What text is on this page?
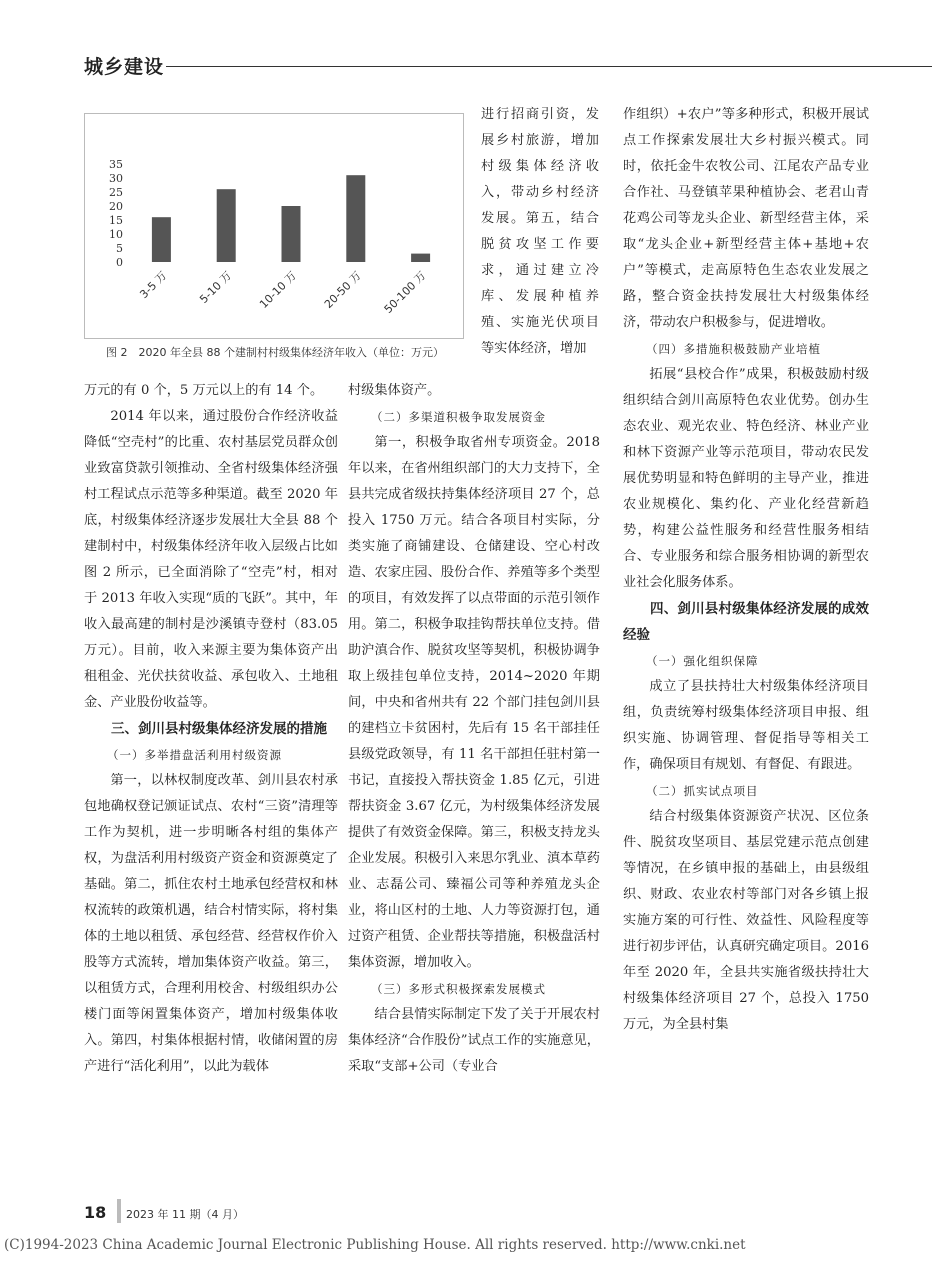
城乡建设
0
5
10
15
20
25
30
35
3-5 万	5-10 万 10-10 万 20-50 万 50-100 万
图 2　2020 年全县 88 个建制村村级集体经济年收入（单位：万元）

万元的有 0 个，5 万元以上的有 14 个。

2014 年以来，通过股份合作经济收益降低“空壳村”的比重、农村基层党员群众创业致富贷款引领推动、全省村级集体经济强村工程试点示范等多种渠道。截至 2020 年底，村级集体经济逐步发展壮大全县 88 个建制村中，村级集体经济年收入层级占比如图 2 所示，已全面消除了“空壳”村，相对于 2013 年收入实现“质的飞跃”。其中，年收入最高建的制村是沙溪镇寺登村（83.05 万元）。目前，收入来源主要为集体资产出租租金、光伏扶贫收益、承包收入、土地租金、产业股份收益等。

三、剑川县村级集体经济发展的措施
（一）多举措盘活利用村级资源

第一，以林权制度改革、剑川县农村承包地确权登记颁证试点、农村“三资”清理等工作为契机，进一步明晰各村组的集体产权，为盘活利用村级资产资金和资源奠定了基础。第二，抓住农村土地承包经营权和林权流转的政策机遇，结合村情实际，将村集体的土地以租赁、承包经营、经营权作价入股等方式流转，增加集体资产收益。第三，以租赁方式，合理利用校舍、村级组织办公楼门面等闲置集体资产，增加村级集体收入。第四，村集体根据村情，收储闲置的房产进行“活化利用”，以此为载体

进行招商引资，发展乡村旅游，增加村级集体经济收入，带动乡村经济发展。第五，结合脱贫攻坚工作要求，通过建立冷库、发展种植养殖、实施光伏项目等实体经济，增加

村级集体资产。

（二）多渠道积极争取发展资金

第一，积极争取省州专项资金。2018 年以来，在省州组织部门的大力支持下，全县共完成省级扶持集体经济项目 27 个，总投入 1750 万元。结合各项目村实际，分类实施了商铺建设、仓储建设、空心村改造、农家庄园、股份合作、养殖等多个类型的项目，有效发挥了以点带面的示范引领作用。第二，积极争取挂钩帮扶单位支持。借助沪滇合作、脱贫攻坚等契机，积极协调争取上级挂包单位支持，2014~2020 年期间，中央和省州共有 22 个部门挂包剑川县的建档立卡贫困村，先后有 15 名干部挂任县级党政领导，有 11 名干部担任驻村第一书记，直接投入帮扶资金 1.85 亿元，引进帮扶资金 3.67 亿元，为村级集体经济发展提供了有效资金保障。第三，积极支持龙头企业发展。积极引入来思尔乳业、滇本草药业、志磊公司、臻福公司等种养殖龙头企业，将山区村的土地、人力等资源打包，通过资产租赁、企业帮扶等措施，积极盘活村集体资源，增加收入。

（三）多形式积极探索发展模式

结合县情实际制定下发了关于开展农村集体经济“合作股份”试点工作的实施意见，采取“支部+公司（专业合

作组织）+农户”等多种形式，积极开展试点工作探索发展壮大乡村振兴模式。同时，依托金牛农牧公司、江尾农产品专业合作社、马登镇苹果种植协会、老君山青花鸡公司等龙头企业、新型经营主体，采取“龙头企业+新型经营主体+基地+农户”等模式，走高原特色生态农业发展之路，整合资金扶持发展壮大村级集体经济，带动农户积极参与，促进增收。

（四）多措施积极鼓励产业培植

拓展“县校合作”成果，积极鼓励村级组织结合剑川高原特色农业优势。创办生态农业、观光农业、特色经济、林业产业和林下资源产业等示范项目，带动农民发展优势明显和特色鲜明的主导产业，推进农业规模化、集约化、产业化经营新趋势，构建公益性服务和经营性服务相结合、专业服务和综合服务相协调的新型农业社会化服务体系。

四、剑川县村级集体经济发展的成效经验
（一）强化组织保障

成立了县扶持壮大村级集体经济项目组，负责统筹村级集体经济项目申报、组织实施、协调管理、督促指导等相关工作，确保项目有规划、有督促、有跟进。

（二）抓实试点项目

结合村级集体资源资产状况、区位条件、脱贫攻坚项目、基层党建示范点创建等情况，在乡镇申报的基础上，由县级组织、财政、农业农村等部门对各乡镇上报实施方案的可行性、效益性、风险程度等进行初步评估，认真研究确定项目。2016 年至 2020 年，全县共实施省级扶持壮大村级集体经济项目 27 个，总投入 1750 万元，为全县村集

18 2023 年 11 期（4 月）
(C)1994-2023 China Academic Journal Electronic Publishing House. All rights reserved. http://www.cnki.net
